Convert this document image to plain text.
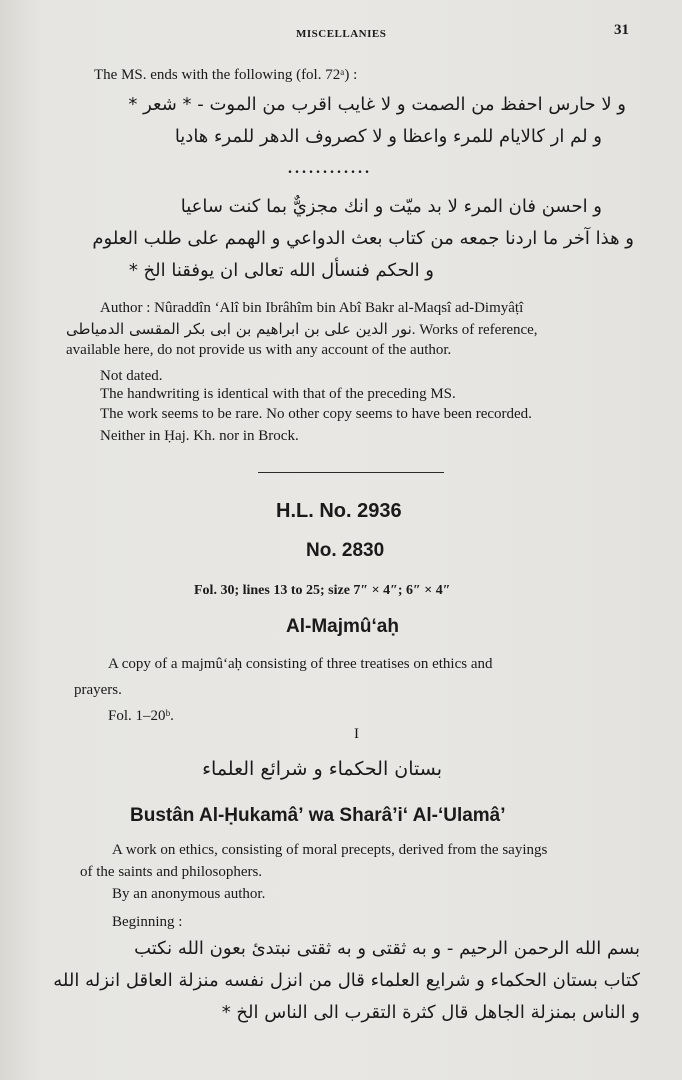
MISCELLANIES	31
The MS. ends with the following (fol. 72ᵃ) :
و لا حارس احفظ من الصمت و لا غايب اقرب من الموت - * شعر *
و لم ار كالايام للمرء واعظا و لا كصروف الدهر للمرء هاديا
............
و احسن فان المرء لا بد ميّت و انك مجزيٌّ بما كنت ساعيا
و هذا آخر ما اردنا جمعه من كتاب بعث الدواعي و الهمم على طلب العلوم
و الحكم فنسأل الله تعالى ان يوفقنا الخ *
Author : Nûraddîn ʻAlî bin Ibrâhîm bin Abî Bakr al-Maqsî ad-Dimyâṭî
نور الدين على بن ابراهيم بن ابى بكر المقسى الدمياطى. Works of reference,
available here, do not provide us with any account of the author.
Not dated.
The handwriting is identical with that of the preceding MS.
The work seems to be rare. No other copy seems to have been recorded.
Neither in Ḥaj. Kh. nor in Brock.
H.L. No. 2936
No. 2830
Fol. 30; lines 13 to 25; size 7″ × 4″; 6″ × 4″
Al-Majmûʻaḥ
A copy of a majmûʻaḥ consisting of three treatises on ethics and
prayers.
Fol. 1–20ᵇ.
I
بستان الحكماء و شرائع العلماء
Bustân Al-Ḥukamâʼ wa Sharâʼiʻ Al-ʻUlamâʼ
A work on ethics, consisting of moral precepts, derived from the sayings
of the saints and philosophers.
By an anonymous author.
Beginning :
بسم الله الرحمن الرحيم - و به ثقتى و به ثقتى نبتدئ بعون الله نكتب
كتاب بستان الحكماء و شرايع العلماء قال من انزل نفسه منزلة العاقل انزله الله
و الناس بمنزلة الجاهل قال كثرة التقرب الى الناس الخ *
